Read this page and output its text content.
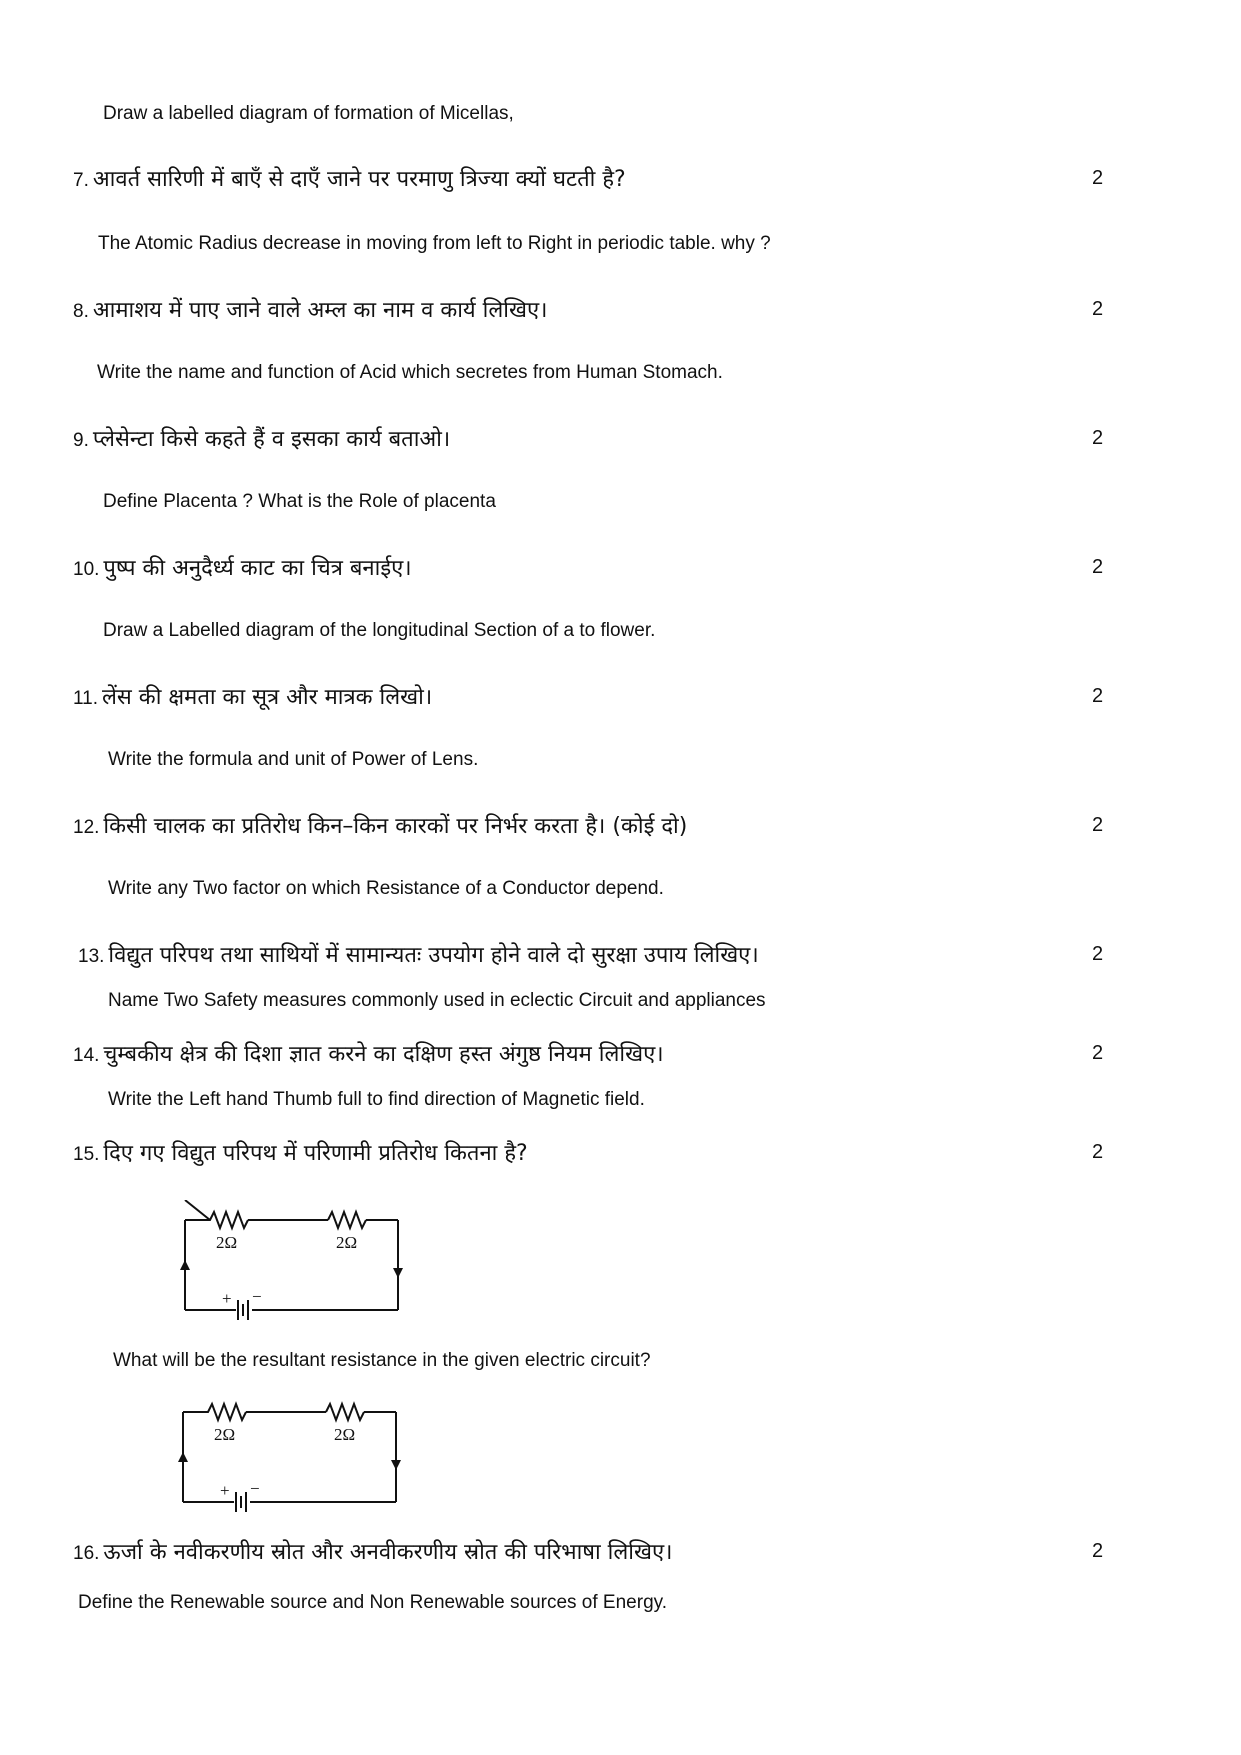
Draw a labelled diagram of formation of Micellas,
7. आवर्त सारिणी में बाएँ से दाएँ जाने पर परमाणु त्रिज्या क्यों घटती है?	2
The Atomic Radius decrease in moving from left to Right in periodic table. why ?
8. आमाशय में पाए जाने वाले अम्ल का नाम व कार्य लिखिए।	2
Write the name and function of Acid which secretes from Human Stomach.
9. प्लेसेन्टा किसे कहते हैं व इसका कार्य बताओ।	2
Define Placenta ? What is the Role of placenta
10. पुष्प की अनुदैर्ध्य काट का चित्र बनाईए।	2
Draw a Labelled diagram of the longitudinal Section of a to flower.
11. लेंस की क्षमता का सूत्र और मात्रक लिखो।	2
Write the formula and unit of Power of Lens.
12. किसी चालक का प्रतिरोध किन–किन कारकों पर निर्भर करता है। (कोई दो)	2
Write any Two factor on which Resistance of a Conductor depend.
13. विद्युत परिपथ तथा साथियों में सामान्यतः उपयोग होने वाले दो सुरक्षा उपाय लिखिए।	2
Name Two Safety measures commonly used in eclectic Circuit and appliances
14. चुम्बकीय क्षेत्र की दिशा ज्ञात करने का दक्षिण हस्त अंगुष्ठ नियम लिखिए।	2
Write the Left hand Thumb full to find direction of Magnetic field.
15. दिए गए विद्युत परिपथ में परिणामी प्रतिरोध कितना है?	2
2Ω	2Ω
+ −
What will be the resultant resistance in the given electric circuit?
2Ω	2Ω
+ −
16. ऊर्जा के नवीकरणीय स्रोत और अनवीकरणीय स्रोत की परिभाषा लिखिए।	2
Define the Renewable source and Non Renewable sources of Energy.
